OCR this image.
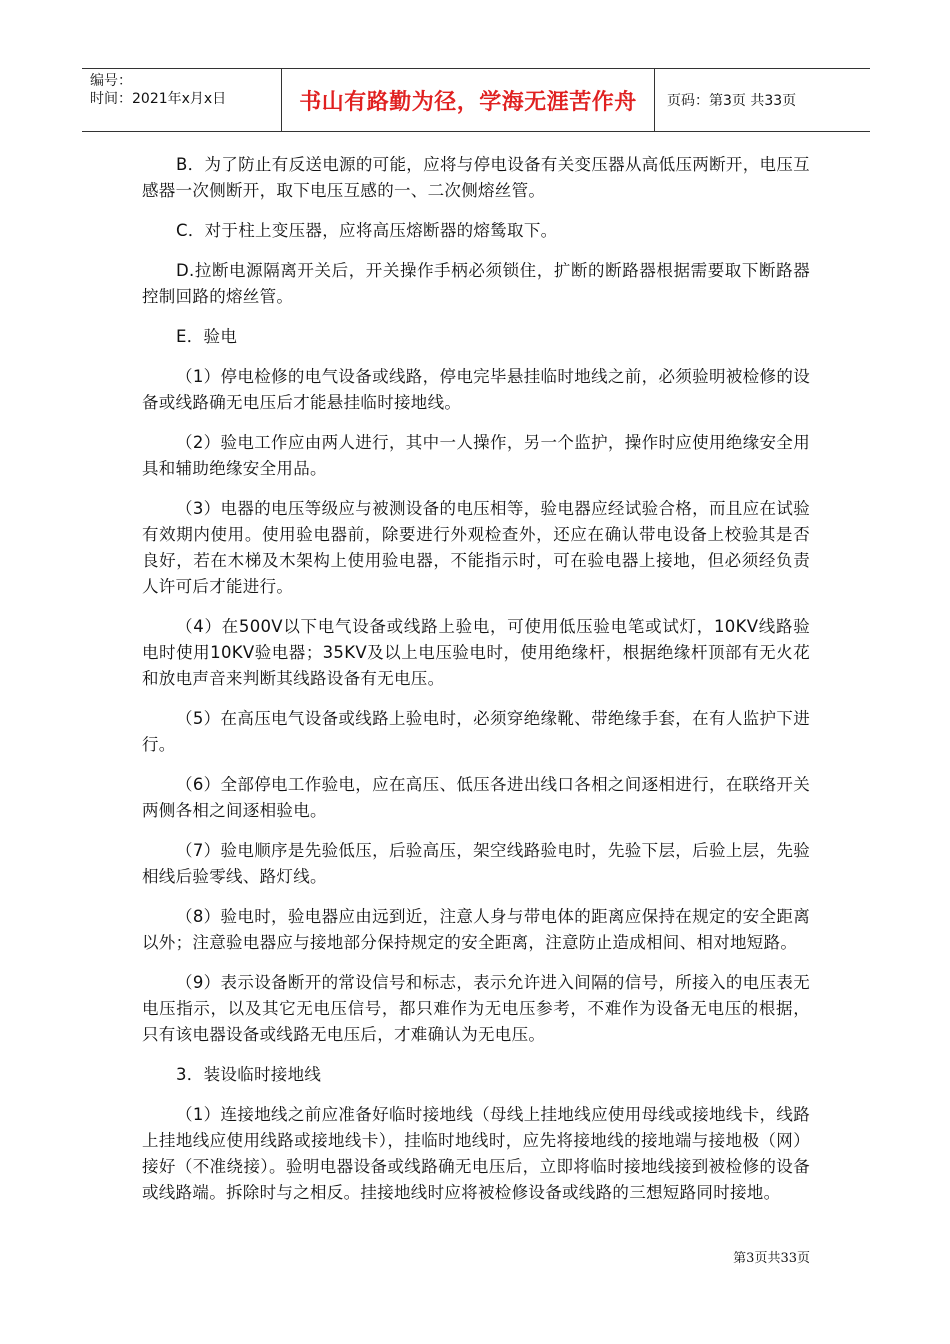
编号：
时间：2021年x月x日	书山有路勤为径，学海无涯苦作舟	页码：第3页 共33页

B．为了防止有反送电源的可能，应将与停电设备有关变压器从高低压两断开，电压互感器一次侧断开，取下电压互感的一、二次侧熔丝管。

C．对于柱上变压器，应将高压熔断器的熔鸶取下。

D.拉断电源隔离开关后，开关操作手柄必须锁住，扩断的断路器根据需要取下断路器控制回路的熔丝管。

E．验电

（1）停电检修的电气设备或线路，停电完毕悬挂临时地线之前，必须验明被检修的设备或线路确无电压后才能悬挂临时接地线。

（2）验电工作应由两人进行，其中一人操作，另一个监护，操作时应使用绝缘安全用具和辅助绝缘安全用品。

（3）电器的电压等级应与被测设备的电压相等，验电器应经试验合格，而且应在试验有效期内使用。使用验电器前，除要进行外观检查外，还应在确认带电设备上校验其是否良好，若在木梯及木架构上使用验电器，不能指示时，可在验电器上接地，但必须经负责人许可后才能进行。

（4）在500V以下电气设备或线路上验电，可使用低压验电笔或试灯，10KV线路验电时使用10KV验电器；35KV及以上电压验电时，使用绝缘杆，根据绝缘杆顶部有无火花和放电声音来判断其线路设备有无电压。

（5）在高压电气设备或线路上验电时，必须穿绝缘靴、带绝缘手套，在有人监护下进行。

（6）全部停电工作验电，应在高压、低压各进出线口各相之间逐相进行，在联络开关两侧各相之间逐相验电。

（7）验电顺序是先验低压，后验高压，架空线路验电时，先验下层，后验上层，先验相线后验零线、路灯线。

（8）验电时，验电器应由远到近，注意人身与带电体的距离应保持在规定的安全距离以外；注意验电器应与接地部分保持规定的安全距离，注意防止造成相间、相对地短路。

（9）表示设备断开的常设信号和标志，表示允许进入间隔的信号，所接入的电压表无电压指示，以及其它无电压信号，都只难作为无电压参考，不难作为设备无电压的根据，只有该电器设备或线路无电压后，才难确认为无电压。

3．装设临时接地线

（1）连接地线之前应准备好临时接地线（母线上挂地线应使用母线或接地线卡，线路上挂地线应使用线路或接地线卡），挂临时地线时，应先将接地线的接地端与接地极（网）接好（不准绕接）。验明电器设备或线路确无电压后，立即将临时接地线接到被检修的设备或线路端。拆除时与之相反。挂接地线时应将被检修设备或线路的三想短路同时接地。

第3页共33页
